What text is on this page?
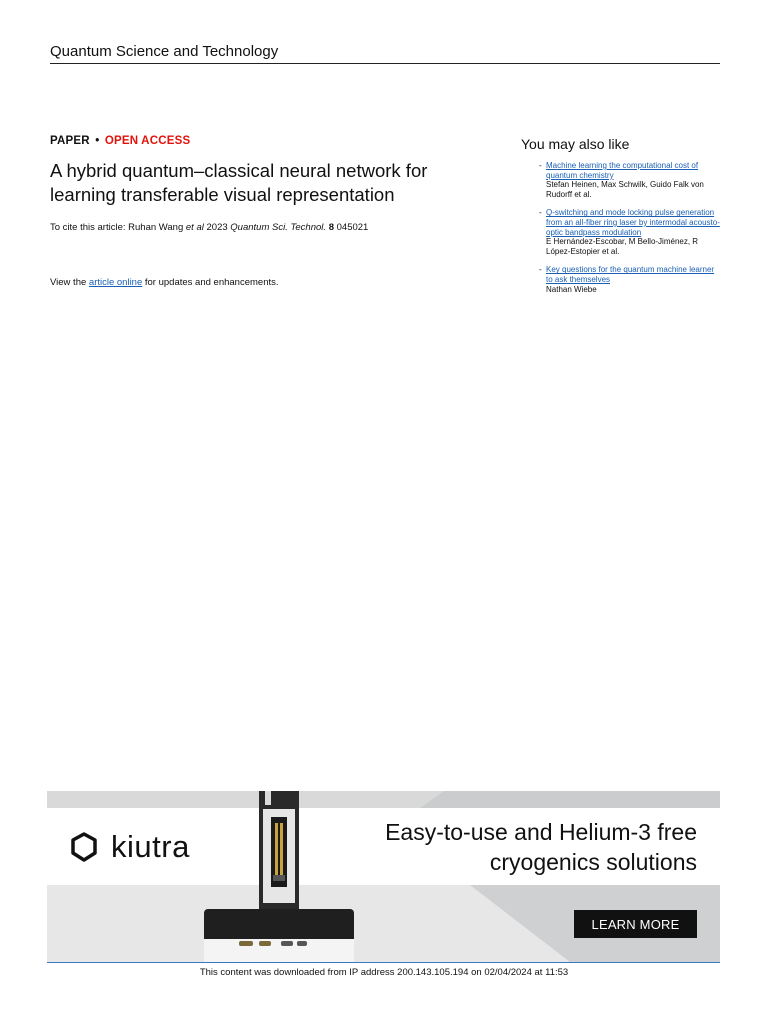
Quantum Science and Technology
PAPER • OPEN ACCESS
A hybrid quantum–classical neural network for
learning transferable visual representation
To cite this article: Ruhan Wang et al 2023 Quantum Sci. Technol. 8 045021
View the article online for updates and enhancements.
You may also like
- Machine learning the computational cost of quantum chemistry
Stefan Heinen, Max Schwilk, Guido Falk von Rudorff et al.
- Q-switching and mode locking pulse generation from an all-fiber ring laser by intermodal acousto-optic bandpass modulation
E Hernández-Escobar, M Bello-Jiménez, R López-Estopier et al.
- Key questions for the quantum machine learner to ask themselves
Nathan Wiebe
kiutra	Easy-to-use and Helium-3 free
cryogenics solutions
LEARN MORE
This content was downloaded from IP address 200.143.105.194 on 02/04/2024 at 11:53
